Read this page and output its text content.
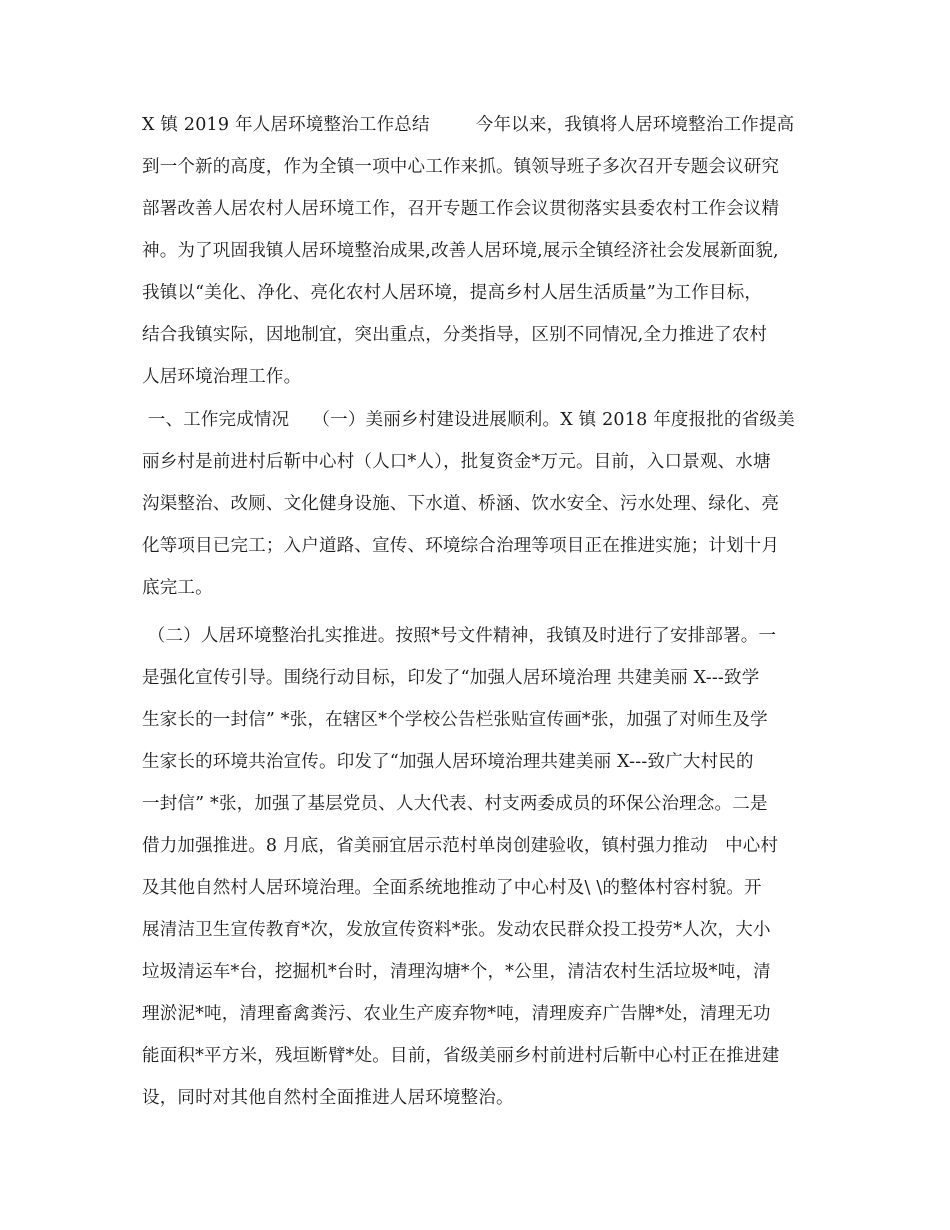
X 镇 2019 年人居环境整治工作总结        今年以来，我镇将人居环境整治工作提高
到一个新的高度，作为全镇一项中心工作来抓。镇领导班子多次召开专题会议研究
部署改善人居农村人居环境工作，召开专题工作会议贯彻落实县委农村工作会议精
神。为了巩固我镇人居环境整治成果,改善人居环境,展示全镇经济社会发展新面貌,
我镇以“美化、净化、亮化农村人居环境，提高乡村人居生活质量”为工作目标，
结合我镇实际，因地制宜，突出重点，分类指导，区别不同情况,全力推进了农村
人居环境治理工作。
一、工作完成情况    （一）美丽乡村建设进展顺利。X 镇 2018 年度报批的省级美
丽乡村是前进村后靳中心村（人口*人），批复资金*万元。目前，入口景观、水塘
沟渠整治、改厕、文化健身设施、下水道、桥涵、饮水安全、污水处理、绿化、亮
化等项目已完工；入户道路、宣传、环境综合治理等项目正在推进实施；计划十月
底完工。
（二）人居环境整治扎实推进。按照*号文件精神，我镇及时进行了安排部署。一
是强化宣传引导。围绕行动目标，印发了“加强人居环境治理 共建美丽 X---致学
生家长的一封信” *张，在辖区*个学校公告栏张贴宣传画*张，加强了对师生及学
生家长的环境共治宣传。印发了“加强人居环境治理共建美丽 X---致广大村民的
一封信” *张，加强了基层党员、人大代表、村支两委成员的环保公治理念。二是
借力加强推进。8 月底，省美丽宜居示范村单岗创建验收，镇村强力推动   中心村
及其他自然村人居环境治理。全面系统地推动了中心村及\ \的整体村容村貌。开
展清洁卫生宣传教育*次，发放宣传资料*张。发动农民群众投工投劳*人次，大小
垃圾清运车*台，挖掘机*台时，清理沟塘*个，*公里，清洁农村生活垃圾*吨，清
理淤泥*吨，清理畜禽粪污、农业生产废弃物*吨，清理废弃广告牌*处，清理无功
能面积*平方米，残垣断臂*处。目前，省级美丽乡村前进村后靳中心村正在推进建
设，同时对其他自然村全面推进人居环境整治。
